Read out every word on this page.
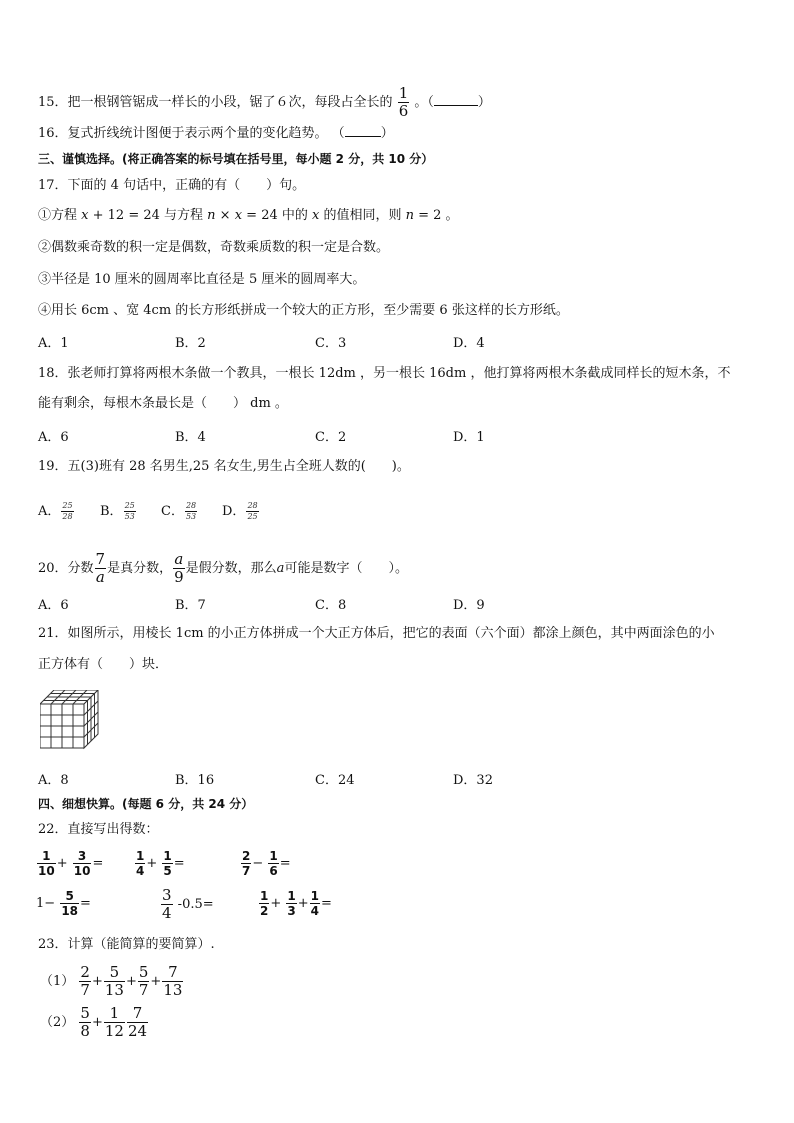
15．把一根钢管锯成一样长的小段，锯了６次，每段占全长的 $\frac{1}{6}$ 。（	）
16．复式折线统计图便于表示两个量的变化趋势。 （	）
三、谨慎选择。(将正确答案的标号填在括号里，每小题 2 分，共 10 分）
17．下面的 4 句话中，正确的有（　　）句。
①方程 x + 12 = 24 与方程 n × x = 24 中的 x 的值相同，则 n = 2 。
②偶数乘奇数的积一定是偶数，奇数乘质数的积一定是合数。
③半径是 10 厘米的圆周率比直径是 5 厘米的圆周率大。
④用长 6cm 、宽 4cm 的长方形纸拼成一个较大的正方形，至少需要 6 张这样的长方形纸。
A．1	B．2	C．3	D．4
18．张老师打算将两根木条做一个教具，一根长 12dm ，另一根长 16dm ，他打算将两根木条截成同样长的短木条，不
能有剩余，每根木条最长是（　　） dm 。
A．6	B．4	C．2	D．1
19．五(3)班有 28 名男生,25 名女生,男生占全班人数的(　　)。
A． $\frac{25}{28}$ B． $\frac{25}{53}$ C． $\frac{28}{53}$ D． $\frac{28}{25}$
20．分数 $\frac{7}{a}$ 是真分数， $\frac{a}{9}$ 是假分数，那么a可能是数字（　　）。
A．6	B．7	C．8	D．9
21．如图所示，用棱长 1cm 的小正方体拼成一个大正方体后，把它的表面（六个面）都涂上颜色，其中两面涂色的小
正方体有（　　）块．
A．8	B．16	C．24	D．32
四、细想快算。(每题 6 分，共 24 分）
22．直接写出得数：
$\frac{1}{10} + \frac{3}{10}$ =	$\frac{1}{4} + \frac{1}{5}$ =	$\frac{2}{7} - \frac{1}{6}$ =
$1- \frac{5}{18}$ =	$\frac{3}{4} -0.5=$	$\frac{1}{2} + \frac{1}{3} + \frac{1}{4}$ =
23．计算（能简算的要简算）.
$(1) \frac{2}{7} + \frac{5}{13} + \frac{5}{7} + \frac{7}{13}$
$(2) \frac{5}{8} + \frac{1}{12} \frac{7}{24}$
